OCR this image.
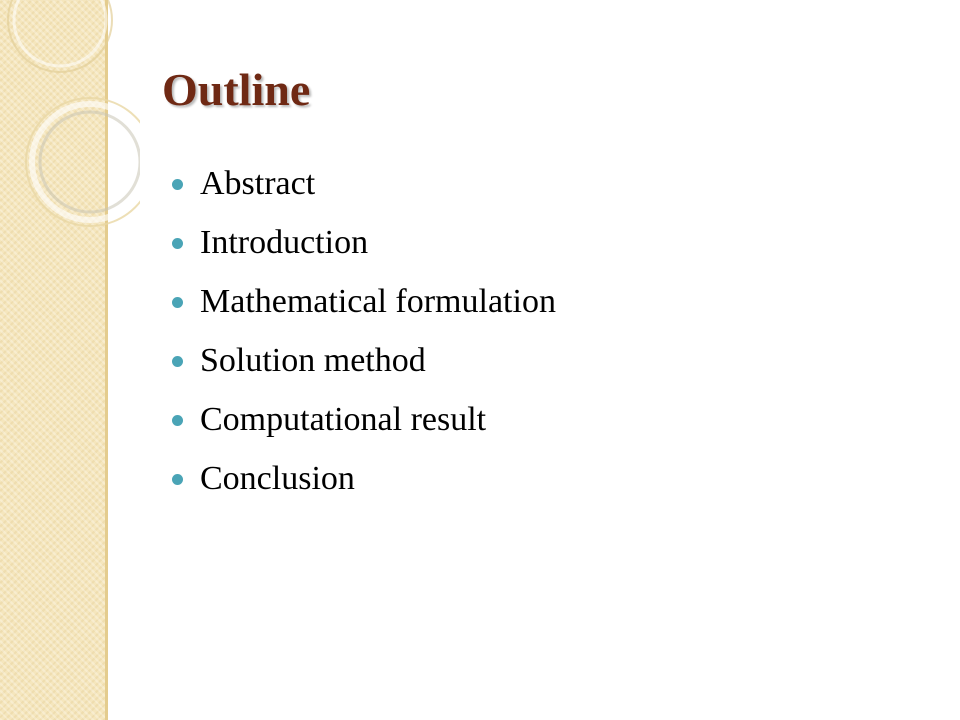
Outline
Abstract
Introduction
Mathematical formulation
Solution method
Computational result
Conclusion
